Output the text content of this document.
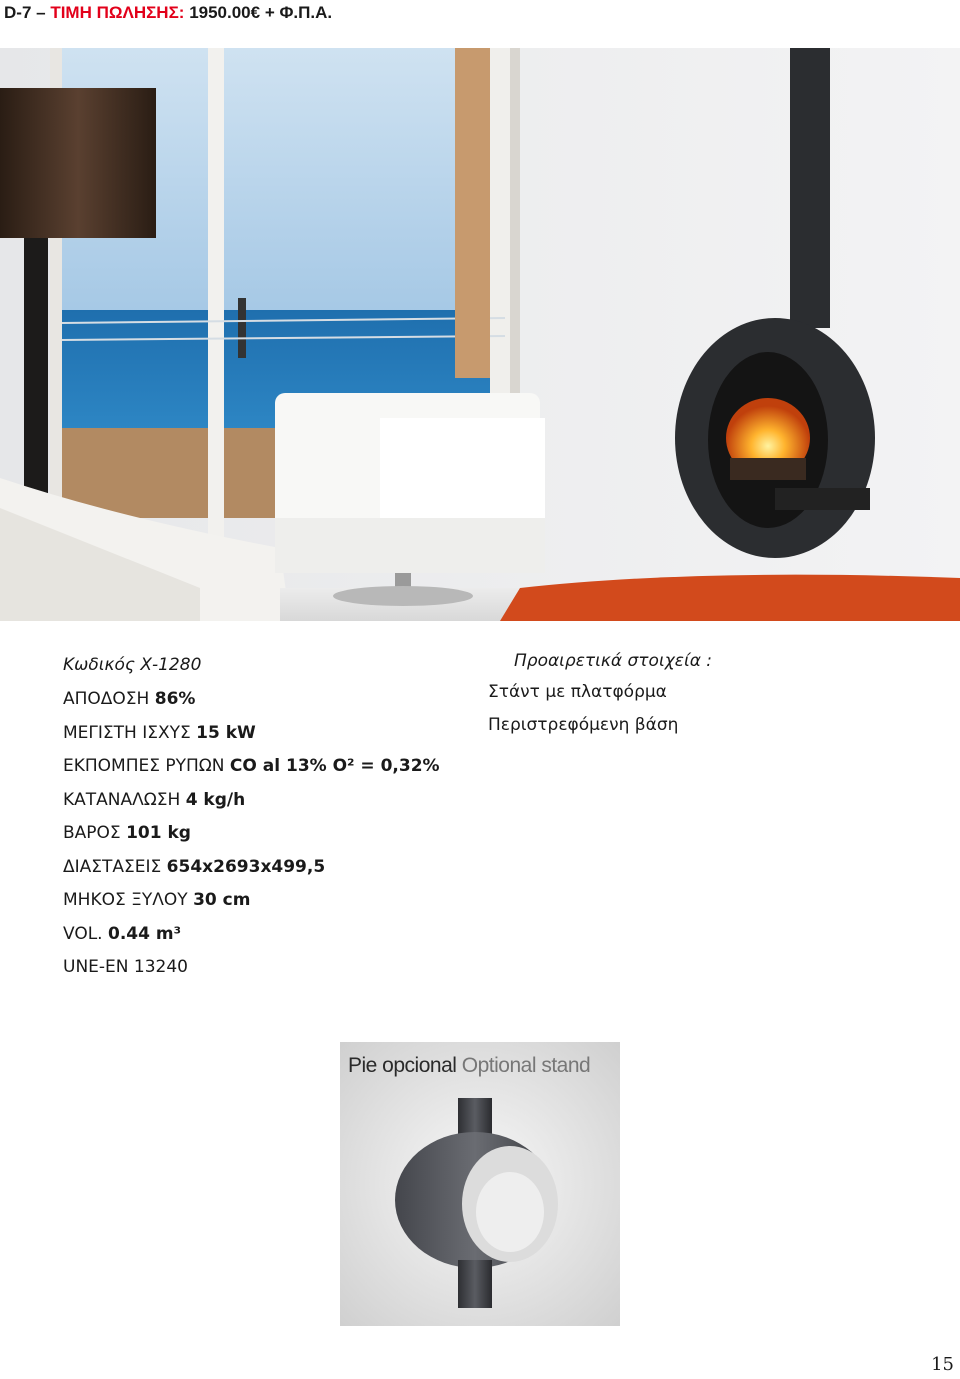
D-7 – ΤΙΜΗ ΠΩΛΗΣΗΣ: 1950.00€ + Φ.Π.Α.
Κωδικός Χ-1280
ΑΠΟΔΟΣΗ 86%
ΜΕΓΙΣΤΗ ΙΣΧΥΣ 15 kW
ΕΚΠΟΜΠΕΣ ΡΥΠΩΝ CO al 13% O² = 0,32%
ΚΑΤΑΝΑΛΩΣΗ 4 kg/h
ΒΑΡΟΣ 101 kg
ΔΙΑΣΤΑΣΕΙΣ 654x2693x499,5
ΜΗΚΟΣ ΞΥΛΟΥ 30 cm
VOL. 0.44 m³
UNE-EN 13240
Προαιρετικά στοιχεία :
Στάντ με πλατφόρμα
Περιστρεφόμενη βάση
Pie opcional Optional stand
15
